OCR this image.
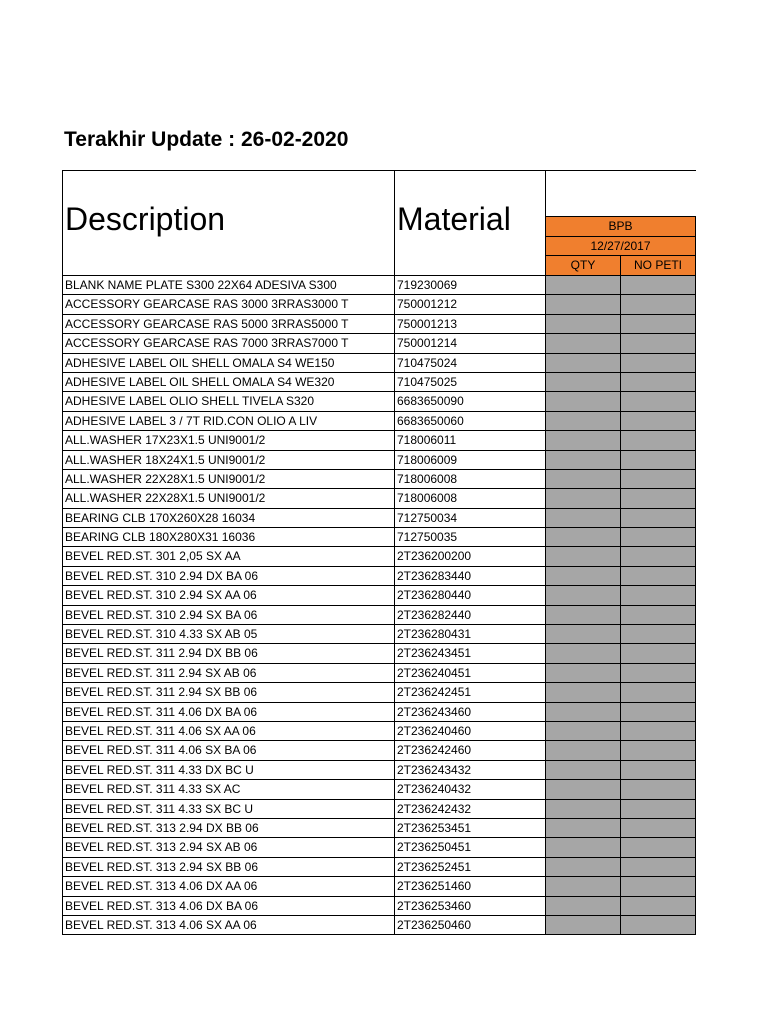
Terakhir Update : 26-02-2020
Description	Material	BPB
12/27/2017
QTY	NO PETI
BLANK NAME PLATE S300 22X64 ADESIVA S300	719230069
ACCESSORY GEARCASE RAS 3000 3RRAS3000 T	750001212
ACCESSORY GEARCASE RAS 5000 3RRAS5000 T	750001213
ACCESSORY GEARCASE RAS 7000 3RRAS7000 T	750001214
ADHESIVE LABEL OIL SHELL OMALA S4 WE150	710475024
ADHESIVE LABEL OIL SHELL OMALA S4 WE320	710475025
ADHESIVE LABEL OLIO SHELL TIVELA S320	6683650090
ADHESIVE LABEL 3 / 7T RID.CON OLIO A LIV	6683650060
ALL.WASHER 17X23X1.5 UNI9001/2	718006011
ALL.WASHER 18X24X1.5 UNI9001/2	718006009
ALL.WASHER 22X28X1.5 UNI9001/2	718006008
ALL.WASHER 22X28X1.5 UNI9001/2	718006008
BEARING CLB 170X260X28 16034	712750034
BEARING CLB 180X280X31 16036	712750035
BEVEL RED.ST. 301 2,05 SX AA	2T236200200
BEVEL RED.ST. 310 2.94 DX BA 06	2T236283440
BEVEL RED.ST. 310 2.94 SX AA 06	2T236280440
BEVEL RED.ST. 310 2.94 SX BA 06	2T236282440
BEVEL RED.ST. 310 4.33 SX AB 05	2T236280431
BEVEL RED.ST. 311 2.94 DX BB 06	2T236243451
BEVEL RED.ST. 311 2.94 SX AB 06	2T236240451
BEVEL RED.ST. 311 2.94 SX BB 06	2T236242451
BEVEL RED.ST. 311 4.06 DX BA 06	2T236243460
BEVEL RED.ST. 311 4.06 SX AA 06	2T236240460
BEVEL RED.ST. 311 4.06 SX BA 06	2T236242460
BEVEL RED.ST. 311 4.33 DX BC U	2T236243432
BEVEL RED.ST. 311 4.33 SX AC	2T236240432
BEVEL RED.ST. 311 4.33 SX BC U	2T236242432
BEVEL RED.ST. 313 2.94 DX BB 06	2T236253451
BEVEL RED.ST. 313 2.94 SX AB 06	2T236250451
BEVEL RED.ST. 313 2.94 SX BB 06	2T236252451
BEVEL RED.ST. 313 4.06 DX AA 06	2T236251460
BEVEL RED.ST. 313 4.06 DX BA 06	2T236253460
BEVEL RED.ST. 313 4.06 SX AA 06	2T236250460
